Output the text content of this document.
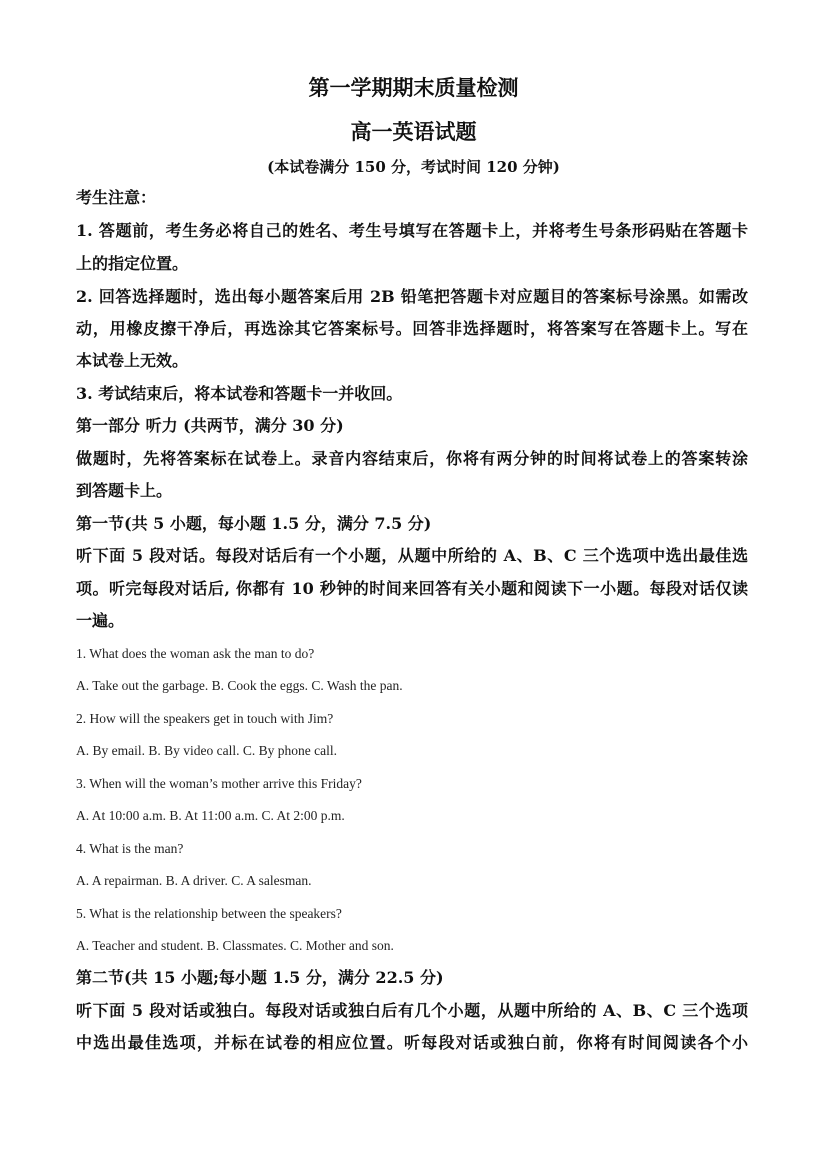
第一学期期末质量检测
高一英语试题
(本试卷满分 150 分，考试时间 120 分钟)
考生注意：
1. 答题前，考生务必将自己的姓名、考生号填写在答题卡上，并将考生号条形码贴在答题卡
上的指定位置。
2. 回答选择题时，选出每小题答案后用 2B 铅笔把答题卡对应题目的答案标号涂黑。如需改
动，用橡皮擦干净后，再选涂其它答案标号。回答非选择题时，将答案写在答题卡上。写在
本试卷上无效。
3. 考试结束后，将本试卷和答题卡一并收回。
第一部分 听力 (共两节，满分 30 分)
做题时，先将答案标在试卷上。录音内容结束后，你将有两分钟的时间将试卷上的答案转涂
到答题卡上。
第一节(共 5 小题，每小题 1.5 分，满分 7.5 分)
听下面 5 段对话。每段对话后有一个小题，从题中所给的 A、B、C 三个选项中选出最佳选
项。听完每段对话后, 你都有 10 秒钟的时间来回答有关小题和阅读下一小题。每段对话仅读
一遍。
1. What does the woman ask the man to do?
A. Take out the garbage. B. Cook the eggs. C. Wash the pan.
2. How will the speakers get in touch with Jim?
A. By email. B. By video call. C. By phone call.
3. When will the woman’s mother arrive this Friday?
A. At 10:00 a.m. B. At 11:00 a.m. C. At 2:00 p.m.
4. What is the man?
A. A repairman. B. A driver. C. A salesman.
5. What is the relationship between the speakers?
A. Teacher and student. B. Classmates. C. Mother and son.
第二节(共 15 小题;每小题 1.5 分，满分 22.5 分)
听下面 5 段对话或独白。每段对话或独白后有几个小题，从题中所给的 A、B、C 三个选项
中选出最佳选项，并标在试卷的相应位置。听每段对话或独白前，你将有时间阅读各个小
